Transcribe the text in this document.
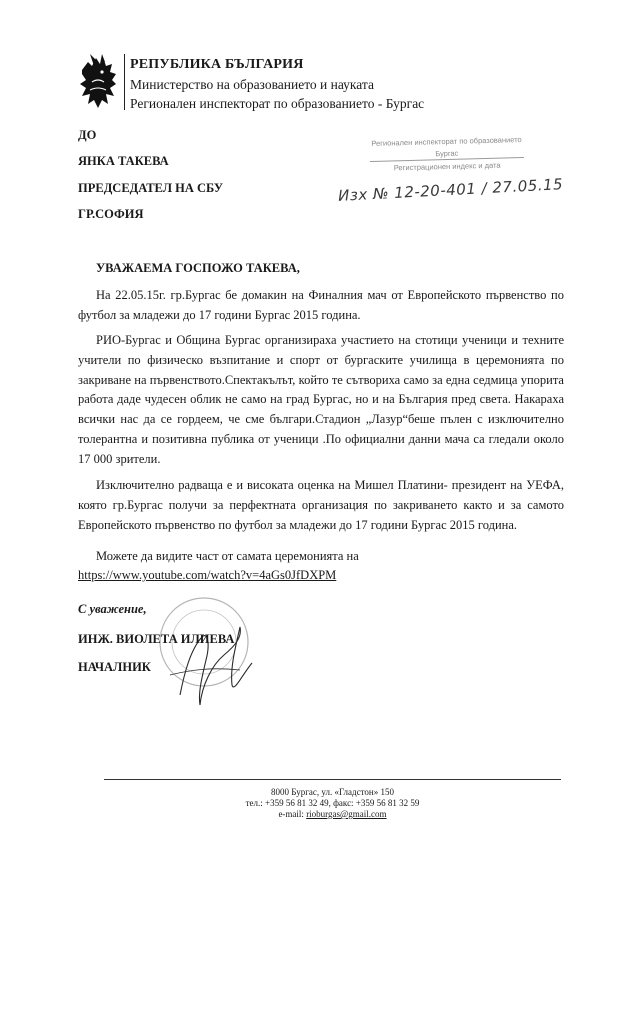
РЕПУБЛИКА БЪЛГАРИЯ
Министерство на образованието и науката
Регионален инспекторат по образованието - Бургас
ДО
ЯНКА ТАКЕВА
ПРЕДСЕДАТЕЛ НА СБУ
ГР.СОФИЯ
Регионален инспекторат по образованието
Бургас
Регистрационен индекс и дата
Изх № 12-20-401 / 27.05.15
УВАЖАЕМА ГОСПОЖО ТАКЕВА,
На 22.05.15г. гр.Бургас бе домакин на Финалния мач от Европейското първенство по футбол за младежи до 17 години Бургас 2015 година.
РИО-Бургас и Община Бургас организираха участието на стотици ученици и техните учители по физическо възпитание и спорт от бургаските училища в церемонията по закриване на първенството.Спектакълът, който те сътвориха само за една седмица упорита работа даде чудесен облик не само на град Бургас, но и на България пред света. Накараха всички нас да се гордеем, че сме българи.Стадион „Лазур“беше пълен с изключително толерантна и позитивна публика от ученици .По официални данни мача са гледали около 17 000 зрители.
Изключително радваща е и високата оценка на Мишел Платини- президент на УЕФА, която гр.Бургас получи за перфектната организация по закриването както и за самото Европейското първенство по футбол за младежи до 17 години Бургас 2015 година.
Можете да видите част от самата церемонията на
https://www.youtube.com/watch?v=4aGs0JfDXPM
С уважение,
ИНЖ. ВИОЛЕТА ИЛИЕВА
НАЧАЛНИК
8000 Бургас, ул. «Гладстон» 150
тел.: +359 56 81 32 49, факс: +359 56 81 32 59
e-mail: rioburgas@gmail.com
